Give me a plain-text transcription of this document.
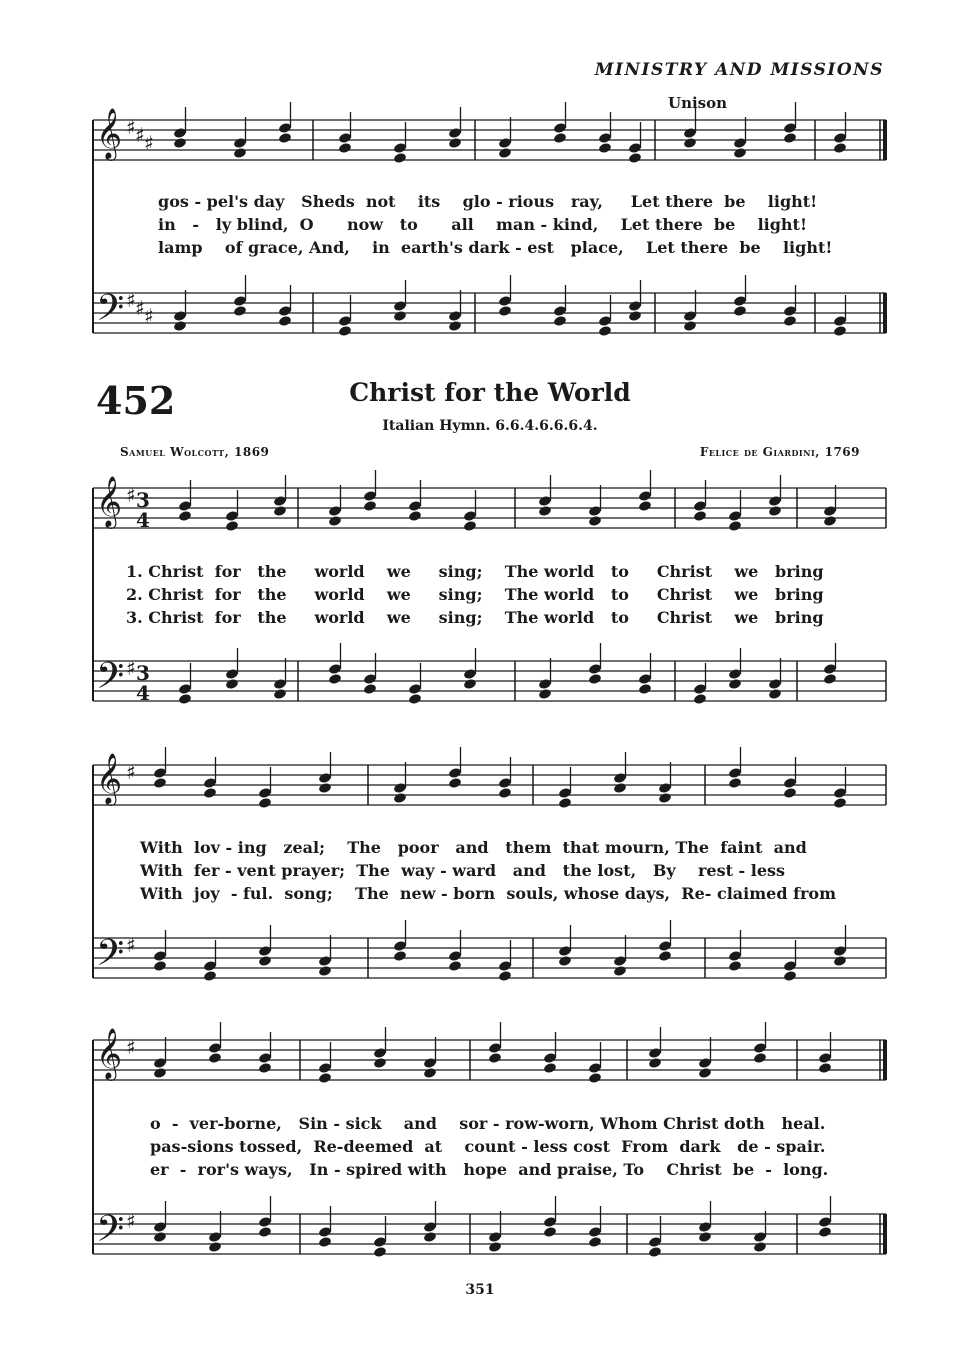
𝄞
𝄞
𝄞
𝄞
𝄢
𝄢
𝄢
𝄢
♯ ♯ ♯
♯ ♯ ♯
♯
♯
♯
♯
♯
♯
3
4
3
4
MINISTRY AND MISSIONS
Unison
gos - pel's day   Sheds  not    its    glo - rious   ray,     Let there  be    light!
in   -   ly blind,  O      now   to      all    man - kind,    Let there  be    light!
lamp    of grace, And,    in  earth's dark - est   place,    Let there  be    light!
452	Christ for the World
Italian Hymn. 6.6.4.6.6.6.4.
Samuel Wolcott, 1869	Felice de Giardini, 1769
1. Christ  for   the     world    we     sing;    The world   to     Christ    we   bring
2. Christ  for   the     world    we     sing;    The world   to     Christ    we   bring
3. Christ  for   the     world    we     sing;    The world   to     Christ    we   bring
With  lov - ing   zeal;    The   poor   and   them  that mourn, The  faint  and
With  fer - vent prayer;  The  way - ward   and   the lost,   By    rest - less
With  joy  - ful.  song;    The  new - born  souls, whose days,  Re- claimed from
o  -  ver-borne,   Sin - sick    and    sor - row-worn, Whom Christ doth   heal.
pas-sions tossed,  Re-deemed  at    count - less cost  From  dark   de - spair.
er  -  ror's ways,   In - spired with   hope  and praise, To    Christ  be  -  long.
351
